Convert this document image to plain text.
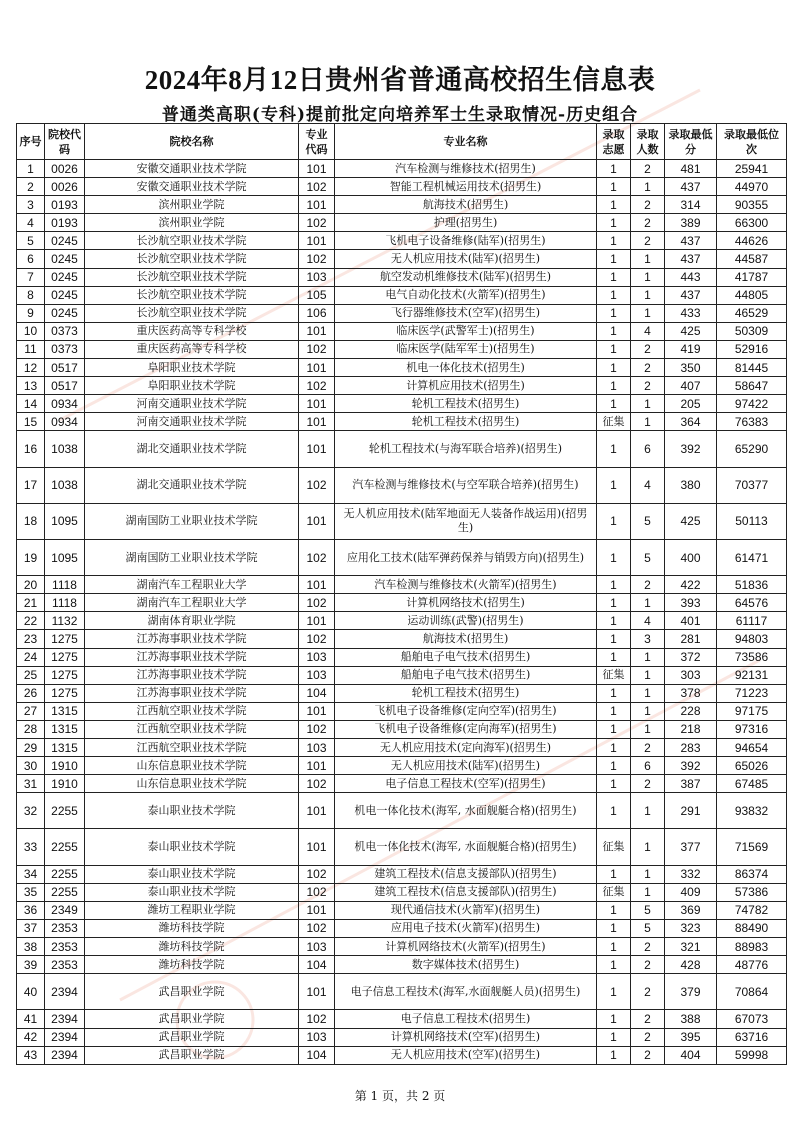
2024年8月12日贵州省普通高校招生信息表
普通类高职(专科)提前批定向培养军士生录取情况-历史组合
序号	院校代码	院校名称	专业代码	专业名称	录取志愿	录取人数	录取最低分	录取最低位次
1	0026	安徽交通职业技术学院	101	汽车检测与维修技术(招男生)	1	2	481	25941
2	0026	安徽交通职业技术学院	102	智能工程机械运用技术(招男生)	1	1	437	44970
3	0193	滨州职业学院	101	航海技术(招男生)	1	2	314	90355
4	0193	滨州职业学院	102	护理(招男生)	1	2	389	66300
5	0245	长沙航空职业技术学院	101	飞机电子设备维修(陆军)(招男生)	1	2	437	44626
6	0245	长沙航空职业技术学院	102	无人机应用技术(陆军)(招男生)	1	1	437	44587
7	0245	长沙航空职业技术学院	103	航空发动机维修技术(陆军)(招男生)	1	1	443	41787
8	0245	长沙航空职业技术学院	105	电气自动化技术(火箭军)(招男生)	1	1	437	44805
9	0245	长沙航空职业技术学院	106	飞行器维修技术(空军)(招男生)	1	1	433	46529
10	0373	重庆医药高等专科学校	101	临床医学(武警军士)(招男生)	1	4	425	50309
11	0373	重庆医药高等专科学校	102	临床医学(陆军军士)(招男生)	1	2	419	52916
12	0517	阜阳职业技术学院	101	机电一体化技术(招男生)	1	2	350	81445
13	0517	阜阳职业技术学院	102	计算机应用技术(招男生)	1	2	407	58647
14	0934	河南交通职业技术学院	101	轮机工程技术(招男生)	1	1	205	97422
15	0934	河南交通职业技术学院	101	轮机工程技术(招男生)	征集	1	364	76383
16	1038	湖北交通职业技术学院	101	轮机工程技术(与海军联合培养)(招男生)	1	6	392	65290
17	1038	湖北交通职业技术学院	102	汽车检测与维修技术(与空军联合培养)(招男生)	1	4	380	70377
18	1095	湖南国防工业职业技术学院	101	无人机应用技术(陆军地面无人装备作战运用)(招男生)	1	5	425	50113
19	1095	湖南国防工业职业技术学院	102	应用化工技术(陆军弹药保养与销毁方向)(招男生)	1	5	400	61471
20	1118	湖南汽车工程职业大学	101	汽车检测与维修技术(火箭军)(招男生)	1	2	422	51836
21	1118	湖南汽车工程职业大学	102	计算机网络技术(招男生)	1	1	393	64576
22	1132	湖南体育职业学院	101	运动训练(武警)(招男生)	1	4	401	61117
23	1275	江苏海事职业技术学院	102	航海技术(招男生)	1	3	281	94803
24	1275	江苏海事职业技术学院	103	船舶电子电气技术(招男生)	1	1	372	73586
25	1275	江苏海事职业技术学院	103	船舶电子电气技术(招男生)	征集	1	303	92131
26	1275	江苏海事职业技术学院	104	轮机工程技术(招男生)	1	1	378	71223
27	1315	江西航空职业技术学院	101	飞机电子设备维修(定向空军)(招男生)	1	1	228	97175
28	1315	江西航空职业技术学院	102	飞机电子设备维修(定向海军)(招男生)	1	1	218	97316
29	1315	江西航空职业技术学院	103	无人机应用技术(定向海军)(招男生)	1	2	283	94654
30	1910	山东信息职业技术学院	101	无人机应用技术(陆军)(招男生)	1	6	392	65026
31	1910	山东信息职业技术学院	102	电子信息工程技术(空军)(招男生)	1	2	387	67485
32	2255	泰山职业技术学院	101	机电一体化技术(海军, 水面舰艇合格)(招男生)	1	1	291	93832
33	2255	泰山职业技术学院	101	机电一体化技术(海军, 水面舰艇合格)(招男生)	征集	1	377	71569
34	2255	泰山职业技术学院	102	建筑工程技术(信息支援部队)(招男生)	1	1	332	86374
35	2255	泰山职业技术学院	102	建筑工程技术(信息支援部队)(招男生)	征集	1	409	57386
36	2349	潍坊工程职业学院	101	现代通信技术(火箭军)(招男生)	1	5	369	74782
37	2353	潍坊科技学院	102	应用电子技术(火箭军)(招男生)	1	5	323	88490
38	2353	潍坊科技学院	103	计算机网络技术(火箭军)(招男生)	1	2	321	88983
39	2353	潍坊科技学院	104	数字媒体技术(招男生)	1	2	428	48776
40	2394	武昌职业学院	101	电子信息工程技术(海军,水面舰艇人员)(招男生)	1	2	379	70864
41	2394	武昌职业学院	102	电子信息工程技术(招男生)	1	2	388	67073
42	2394	武昌职业学院	103	计算机网络技术(空军)(招男生)	1	2	395	63716
43	2394	武昌职业学院	104	无人机应用技术(空军)(招男生)	1	2	404	59998
第 1 页，共 2 页
